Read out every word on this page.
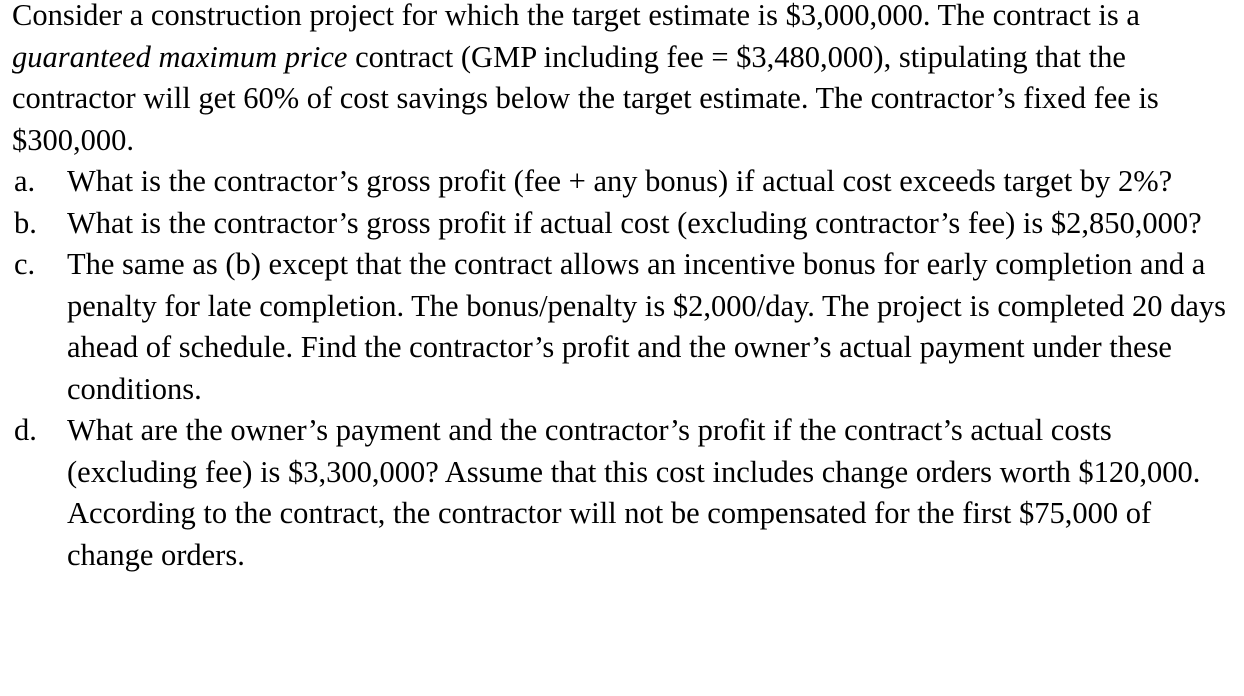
Consider a construction project for which the target estimate is $3,000,000. The contract is a guaranteed maximum price contract (GMP including fee = $3,480,000), stipulating that the contractor will get 60% of cost savings below the target estimate. The contractor’s fixed fee is $300,000.

a.	What is the contractor’s gross profit (fee + any bonus) if actual cost exceeds target by 2%?
b. What is the contractor’s gross profit if actual cost (excluding contractor’s fee) is $2,850,000?
c.	The same as (b) except that the contract allows an incentive bonus for early completion and a penalty for late completion. The bonus/penalty is $2,000/day. The project is completed 20 days ahead of schedule. Find the contractor’s profit and the owner’s actual payment under these conditions.
d. What are the owner’s payment and the contractor’s profit if the contract’s actual costs (excluding fee) is $3,300,000? Assume that this cost includes change orders worth $120,000. According to the contract, the contractor will not be compensated for the first $75,000 of change orders.
